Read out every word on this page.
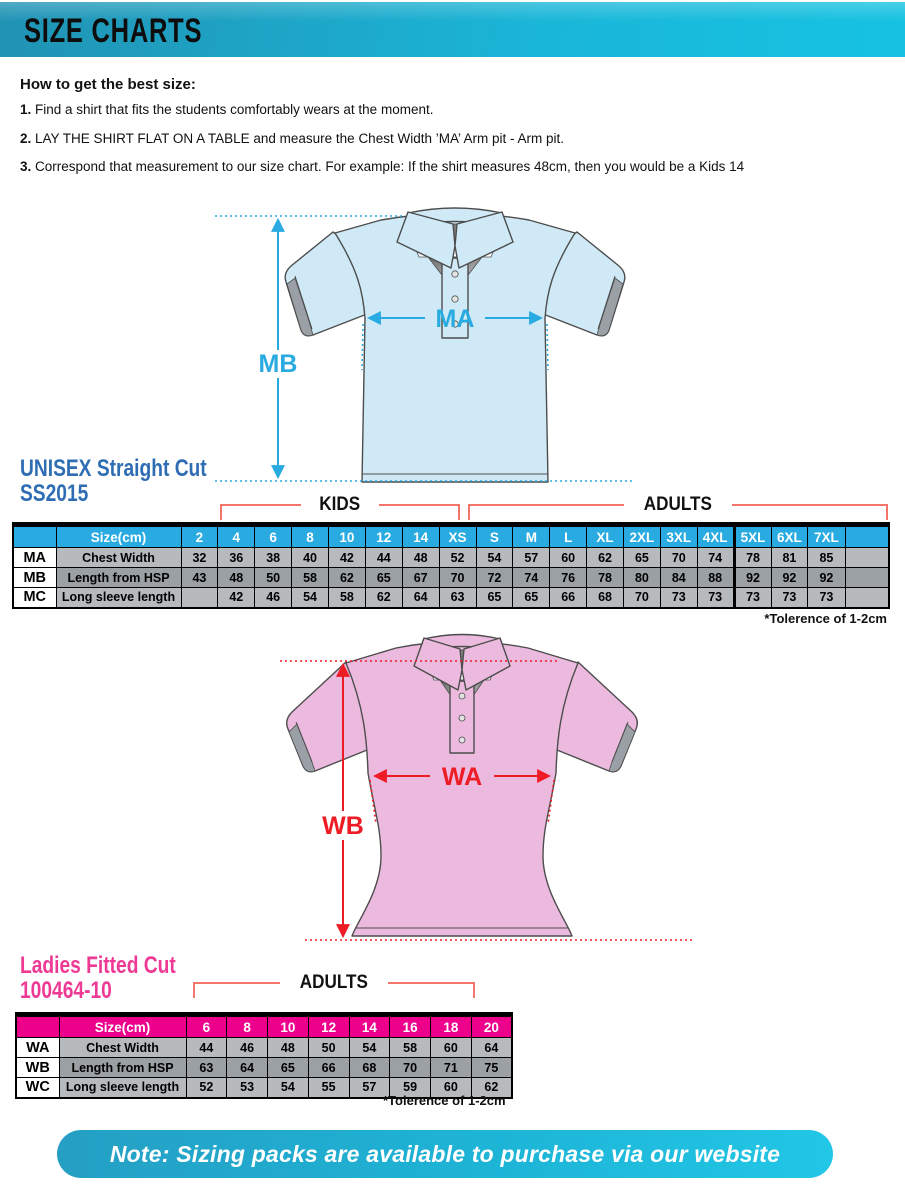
SIZE CHARTS
How to get the best size:
1. Find a shirt that fits the students comfortably wears at the moment.
2. LAY THE SHIRT FLAT ON A TABLE and measure the Chest Width ’MA’ Arm pit - Arm pit.
3. Correspond that measurement to our size chart. For example: If the shirt measures 48cm, then you would be a Kids 14
MA
MB
UNISEX Straight Cut
SS2015	KIDS	ADULTS
	Size(cm)	2	4	6	8	10	12	14	XS	S	M	L	XL	2XL	3XL	4XL	5XL	6XL	7XL	
MA	Chest Width	32	36	38	40	42	44	48	52	54	57	60	62	65	70	74	78	81	85	
MB	Length from HSP	43	48	50	58	62	65	67	70	72	74	76	78	80	84	88	92	92	92	
MC	Long sleeve length		42	46	54	58	62	64	63	65	65	66	68	70	73	73	73	73	73	
*Tolerence of 1-2cm
WA
WB
Ladies Fitted Cut
100464-10	ADULTS
	Size(cm)	6	8	10	12	14	16	18	20
WA	Chest Width	44	46	48	50	54	58	60	64
WB	Length from HSP	63	64	65	66	68	70	71	75
WC	Long sleeve length	52	53	54	55	57	59	60	62
*Tolerence of 1-2cm
Note: Sizing packs are available to purchase via our website
